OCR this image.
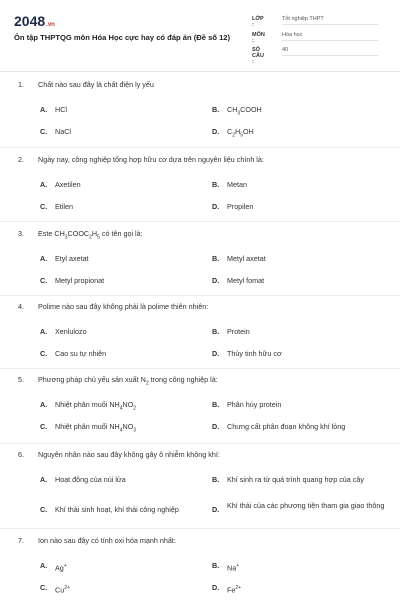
2048.vn
Ôn tập THPTQG môn Hóa Học cực hay có đáp án (Đề số 12)
LỚP :
Tốt nghiệp THPT
MÔN :
Hóa học
SỐ CÂU :
40
1. Chất nào sau đây là chất điện ly yếu
A. HCl	B. $CH_3COOH$
C. NaCl	D. $C_2H_5OH$
2. Ngày nay, công nghiệp tổng hợp hữu cơ dựa trên nguyên liệu chính là:
A. Axetilen	B. Metan
C. Etilen	D. Propilen
3. Este $CH_3COOC_2H_5$ có tên gọi là:
A. Etyl axetat	B. Metyl axetat
C. Metyl propionat	D. Metyl fomat
4. Polime nào sau đây không phải là polime thiên nhiên:
A. Xenlulozo	B. Protein
C. Cao su tự nhiên	D. Thủy tinh hữu cơ
5. Phương pháp chủ yếu sản xuất $N_2$ trong công nghiệp là:
A. Nhiệt phân muối $NH_4NO_2$	B. Phân hủy protein
C. Nhiệt phân muối $NH_4NO_3$	D. Chưng cất phân đoạn không khí lỏng
6. Nguyên nhân nào sau đây không gây ô nhiễm không khí:
A. Hoạt động của núi lửa	B. Khí sinh ra từ quá trình quang hợp của cây
C. Khí thải sinh hoạt, khí thải công nghiệp	D. Khí thải của các phương tiện tham gia giao thông
7. Ion nào sau đây có tính oxi hóa mạnh nhất:
A. Ag+	B. Na+
C. $Cu^{2+}$	D. $Fe^{2+}$
